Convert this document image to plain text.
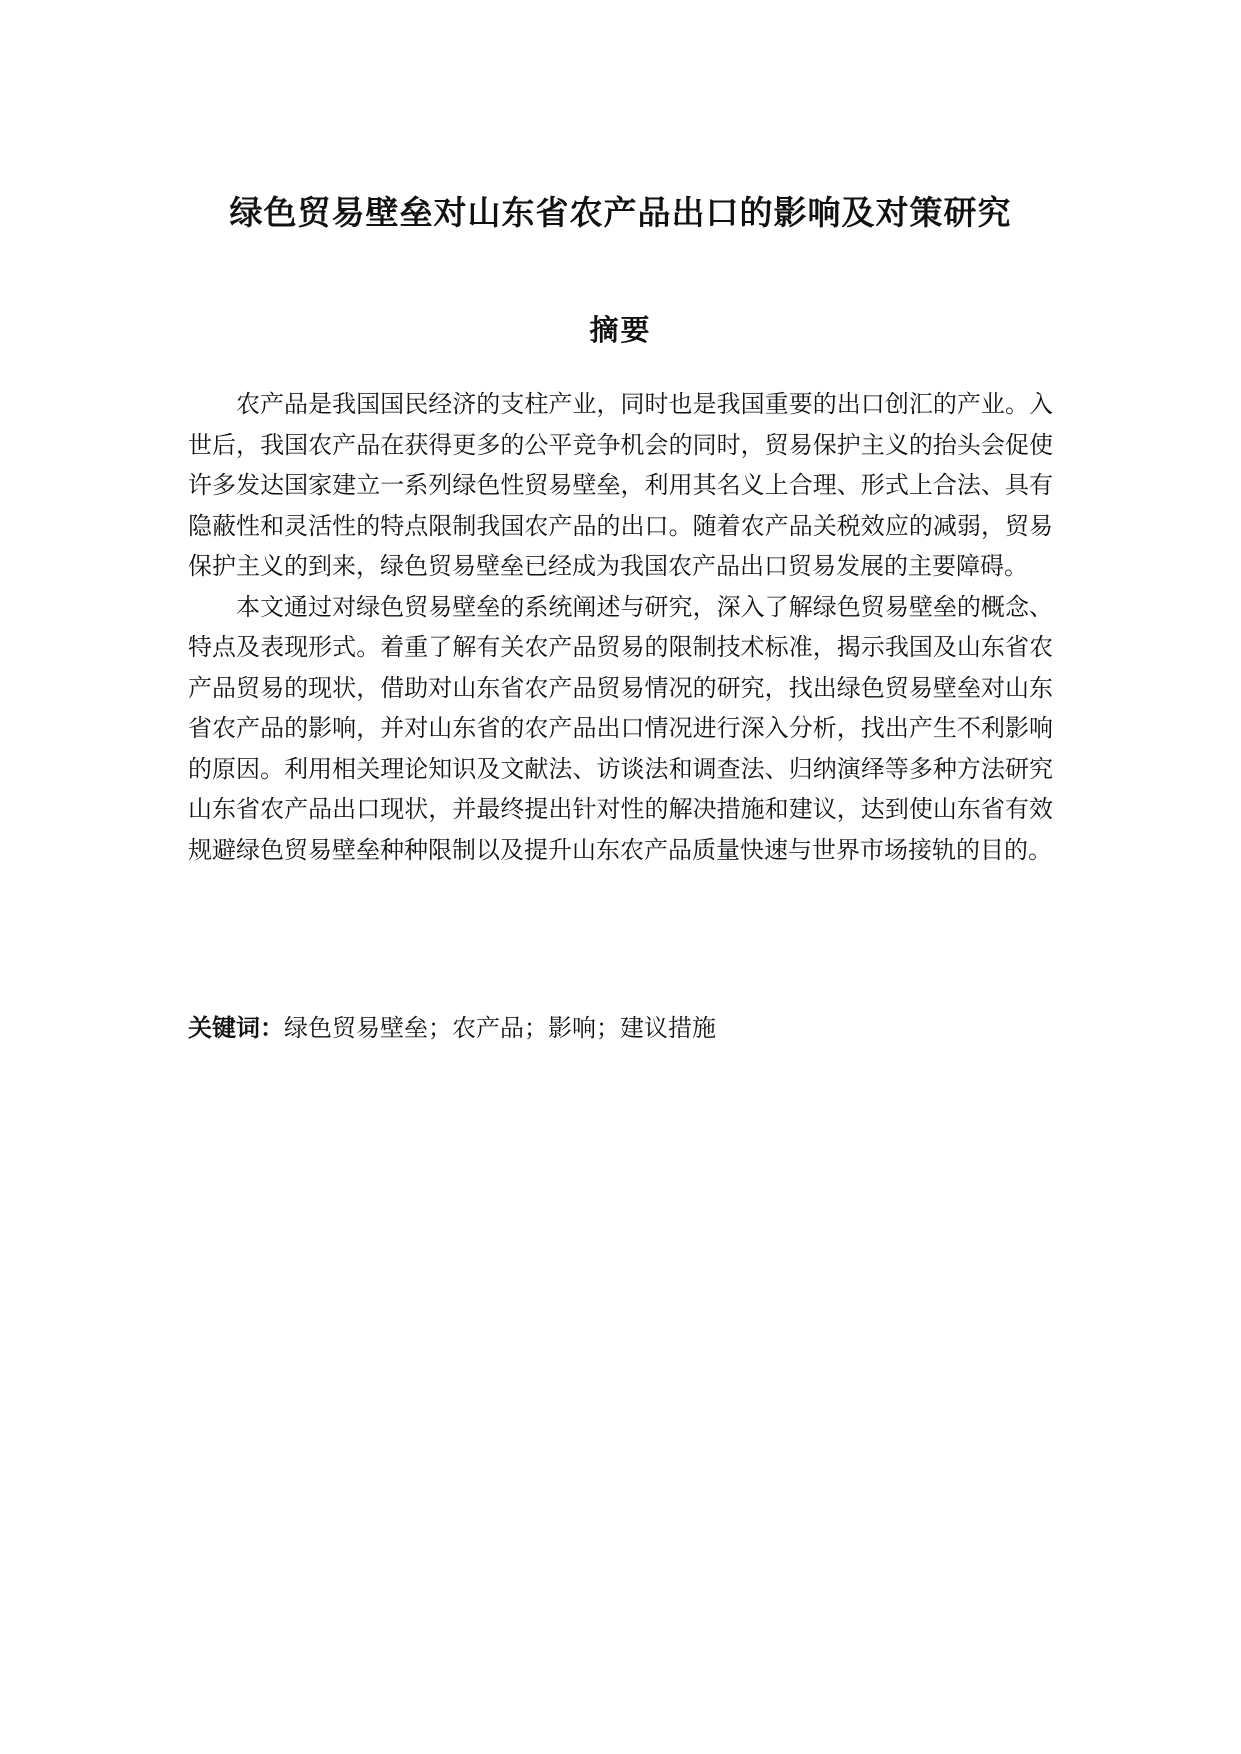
绿色贸易壁垒对山东省农产品出口的影响及对策研究
摘要

农产品是我国国民经济的支柱产业，同时也是我国重要的出口创汇的产业。入世后，我国农产品在获得更多的公平竞争机会的同时，贸易保护主义的抬头会促使许多发达国家建立一系列绿色性贸易壁垒，利用其名义上合理、形式上合法、具有隐蔽性和灵活性的特点限制我国农产品的出口。随着农产品关税效应的减弱，贸易保护主义的到来，绿色贸易壁垒已经成为我国农产品出口贸易发展的主要障碍。

本文通过对绿色贸易壁垒的系统阐述与研究，深入了解绿色贸易壁垒的概念、特点及表现形式。着重了解有关农产品贸易的限制技术标准，揭示我国及山东省农产品贸易的现状，借助对山东省农产品贸易情况的研究，找出绿色贸易壁垒对山东省农产品的影响，并对山东省的农产品出口情况进行深入分析，找出产生不利影响的原因。利用相关理论知识及文献法、访谈法和调查法、归纳演绎等多种方法研究山东省农产品出口现状，并最终提出针对性的解决措施和建议，达到使山东省有效规避绿色贸易壁垒种种限制以及提升山东农产品质量快速与世界市场接轨的目的。

关键词：绿色贸易壁垒；农产品；影响；建议措施
